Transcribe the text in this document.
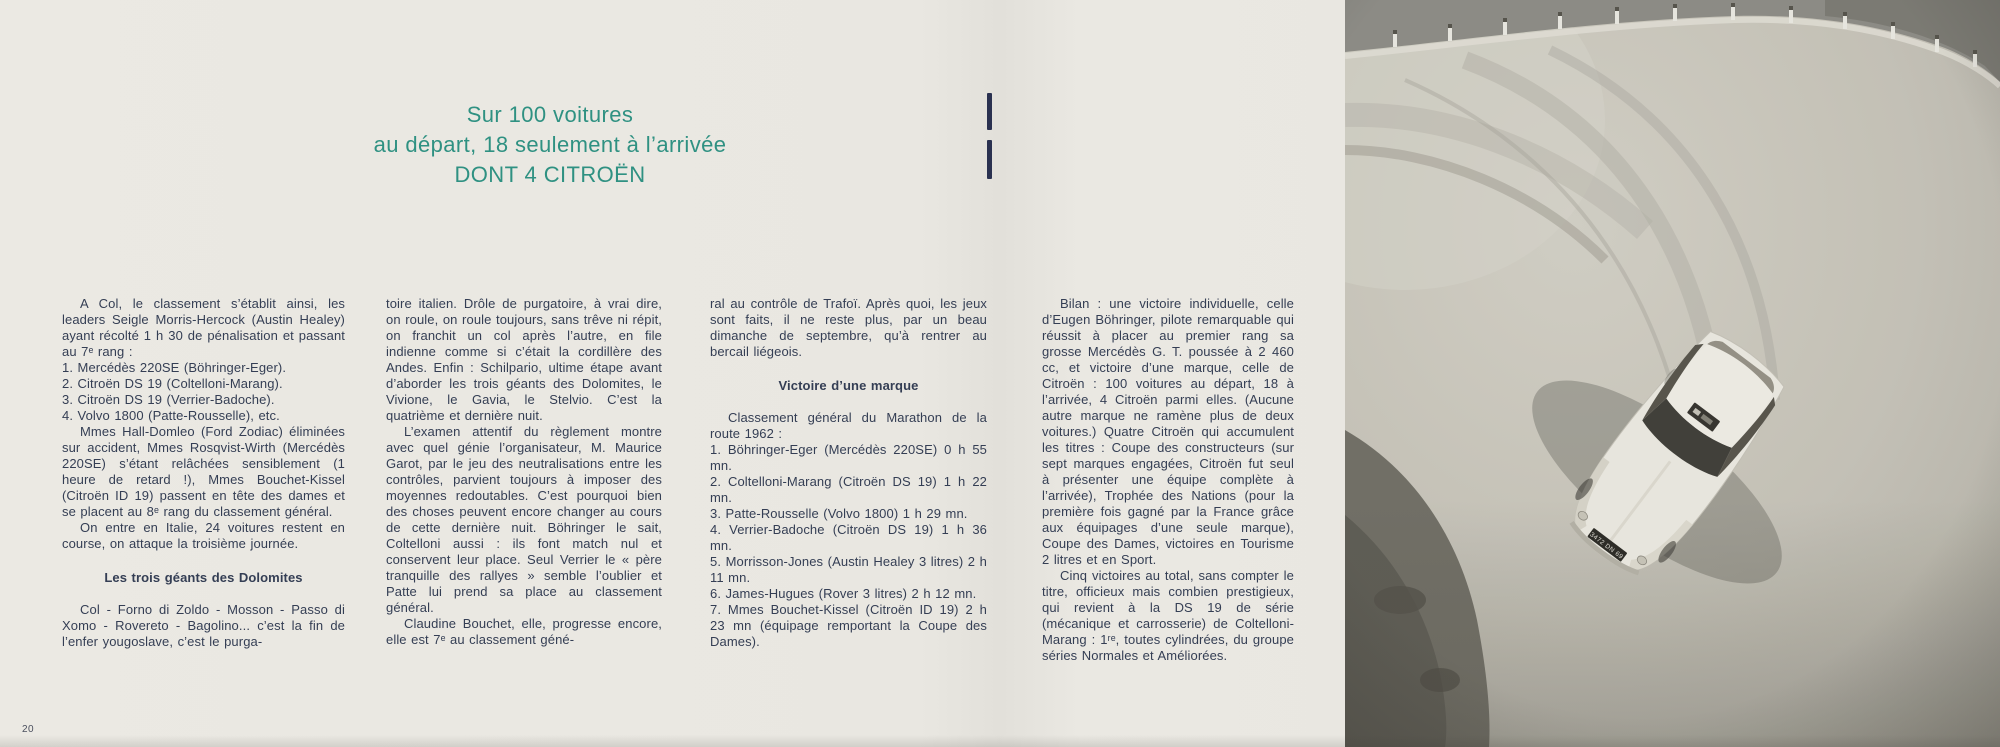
Sur 100 voitures
au départ, 18 seulement à l’arrivée
DONT 4 CITROËN

A Col, le classement s’établit ainsi, les leaders Seigle Morris-Hercock (Austin Healey) ayant récolté 1 h 30 de pénalisation et passant au 7ᵉ rang :

1. Mercédès 220SE (Böhringer-Eger).

2. Citroën DS 19 (Coltelloni-Marang).

3. Citroën DS 19 (Verrier-Badoche).

4. Volvo 1800 (Patte-Rousselle), etc.

Mmes Hall-Domleo (Ford Zodiac) éliminées sur accident, Mmes Rosqvist-Wirth (Mercédès 220SE) s’étant relâchées sensiblement (1 heure de retard !), Mmes Bouchet-Kissel (Citroën ID 19) passent en tête des dames et se placent au 8ᵉ rang du classement général.

On entre en Italie, 24 voitures restent en course, on attaque la troisième journée.

Les trois géants des Dolomites

Col - Forno di Zoldo - Mosson - Passo di Xomo - Rovereto - Bagolino... c’est la fin de l’enfer yougoslave, c’est le purga-

toire italien. Drôle de purgatoire, à vrai dire, on roule, on roule toujours, sans trêve ni répit, on franchit un col après l’autre, en file indienne comme si c’était la cordillère des Andes. Enfin : Schilpario, ultime étape avant d’aborder les trois géants des Dolomites, le Vivione, le Gavia, le Stelvio. C’est la quatrième et dernière nuit.

L’examen attentif du règlement montre avec quel génie l’organisateur, M. Maurice Garot, par le jeu des neutralisations entre les contrôles, parvient toujours à imposer des moyennes redoutables. C’est pourquoi bien des choses peuvent encore changer au cours de cette dernière nuit. Böhringer le sait, Coltelloni aussi : ils font match nul et conservent leur place. Seul Verrier le « père tranquille des rallyes » semble l’oublier et Patte lui prend sa place au classement général.

Claudine Bouchet, elle, progresse encore, elle est 7ᵉ au classement géné-

ral au contrôle de Trafoï. Après quoi, les jeux sont faits, il ne reste plus, par un beau dimanche de septembre, qu’à rentrer au bercail liégeois.

Victoire d’une marque

Classement général du Marathon de la route 1962 :

1. Böhringer-Eger (Mercédès 220SE) 0 h 55 mn.

2. Coltelloni-Marang (Citroën DS 19) 1 h 22 mn.

3. Patte-Rousselle (Volvo 1800) 1 h 29 mn.

4. Verrier-Badoche (Citroën DS 19) 1 h 36 mn.

5. Morrisson-Jones (Austin Healey 3 litres) 2 h 11 mn.

6. James-Hugues (Rover 3 litres) 2 h 12 mn.

7. Mmes Bouchet-Kissel (Citroën ID 19) 2 h 23 mn (équipage remportant la Coupe des Dames).

Bilan : une victoire individuelle, celle d’Eugen Böhringer, pilote remarquable qui réussit à placer au premier rang sa grosse Mercédès G. T. poussée à 2 460 cc, et victoire d’une marque, celle de Citroën : 100 voitures au départ, 18 à l’arrivée, 4 Citroën parmi elles. (Aucune autre marque ne ramène plus de deux voitures.) Quatre Citroën qui accumulent les titres : Coupe des constructeurs (sur sept marques engagées, Citroën fut seul à présenter une équipe complète à l’arrivée), Trophée des Nations (pour la première fois gagné par la France grâce aux équipages d’une seule marque), Coupe des Dames, victoires en Tourisme 2 litres et en Sport.

Cinq victoires au total, sans compter le titre, officieux mais combien prestigieux, qui revient à la DS 19 de série (mécanique et carrosserie) de Coltelloni-Marang : 1ʳᵉ, toutes cylindrées, du groupe séries Normales et Améliorées.

20
